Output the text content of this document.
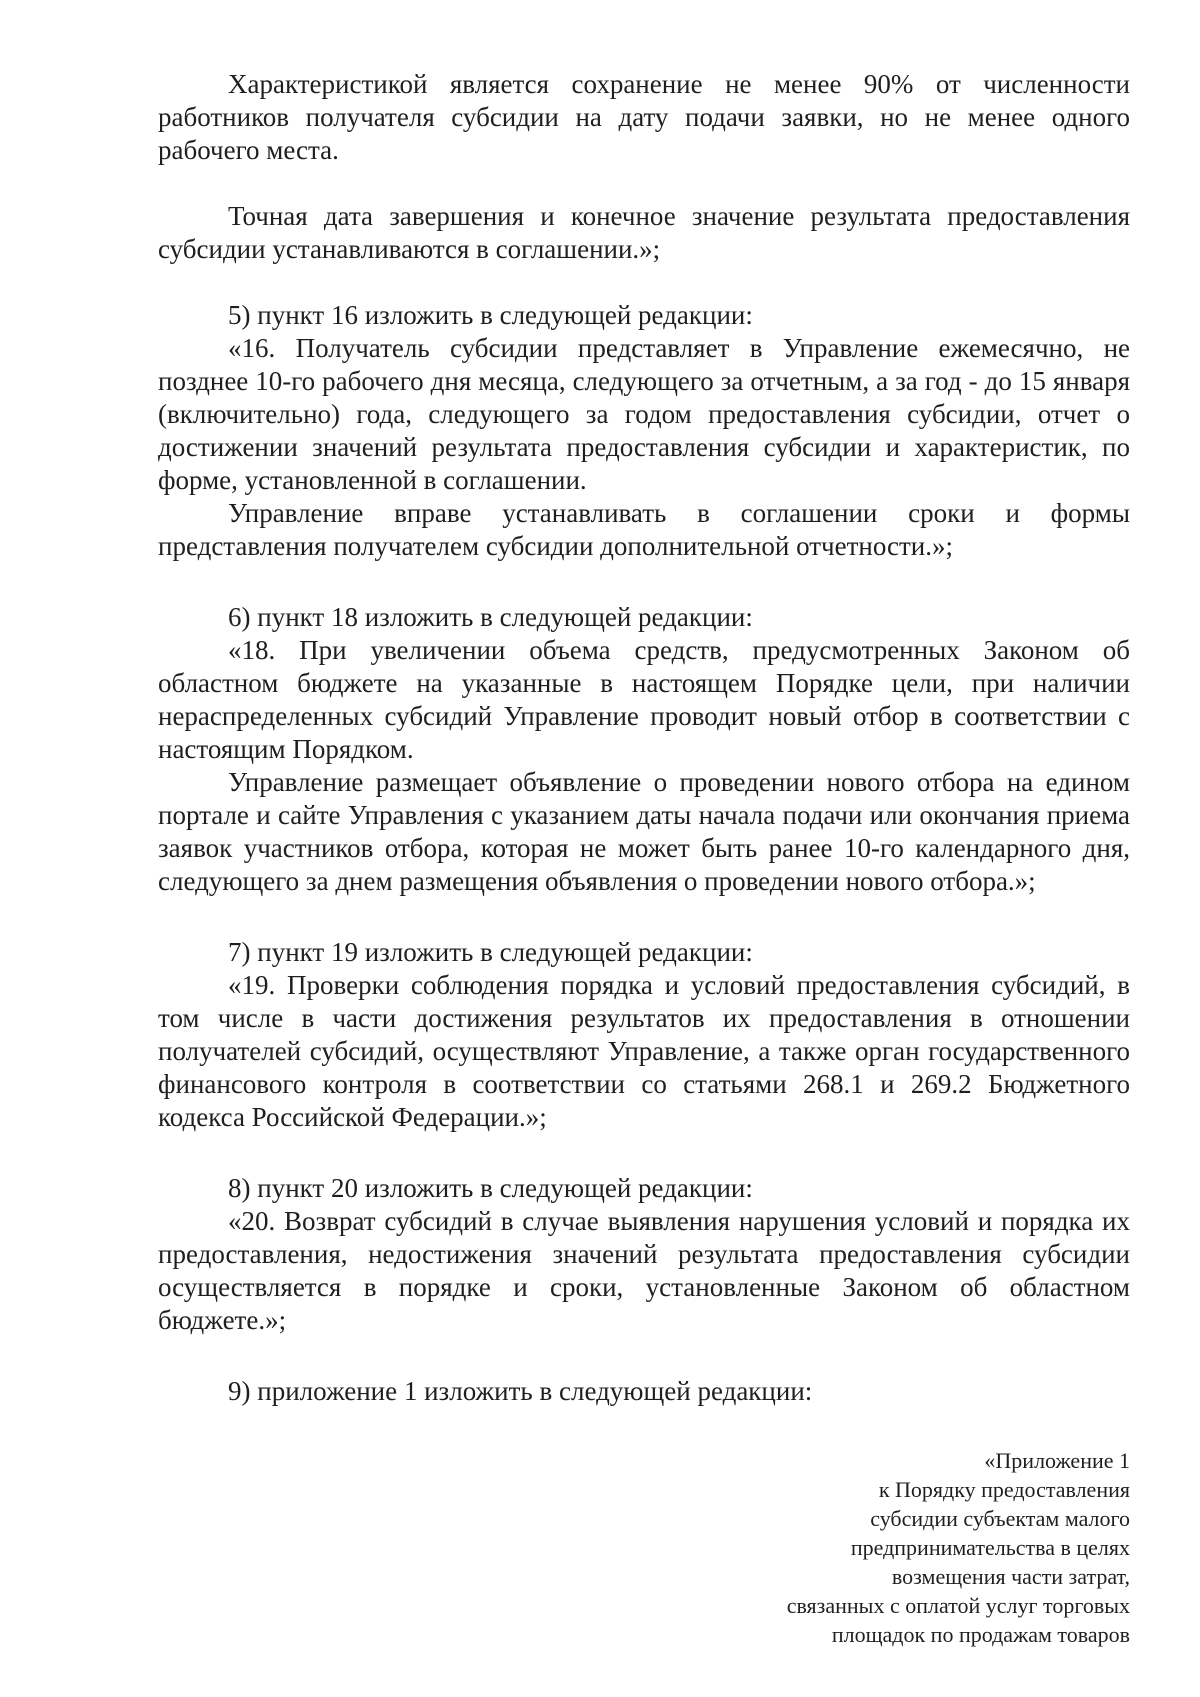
Характеристикой является сохранение не менее 90% от численности работников получателя субсидии на дату подачи заявки, но не менее одного рабочего места.

Точная дата завершения и конечное значение результата предоставления субсидии устанавливаются в соглашении.»;

5) пункт 16 изложить в следующей редакции:

«16. Получатель субсидии представляет в Управление ежемесячно, не позднее 10-го рабочего дня месяца, следующего за отчетным, а за год - до 15 января (включительно) года, следующего за годом предоставления субсидии, отчет о достижении значений результата предоставления субсидии и характеристик, по форме, установленной в соглашении.

Управление вправе устанавливать в соглашении сроки и формы представления получателем субсидии дополнительной отчетности.»;

6) пункт 18 изложить в следующей редакции:

«18. При увеличении объема средств, предусмотренных Законом об областном бюджете на указанные в настоящем Порядке цели, при наличии нераспределенных субсидий Управление проводит новый отбор в соответствии с настоящим Порядком.

Управление размещает объявление о проведении нового отбора на едином портале и сайте Управления с указанием даты начала подачи или окончания приема заявок участников отбора, которая не может быть ранее 10-го календарного дня, следующего за днем размещения объявления о проведении нового отбора.»;

7) пункт 19 изложить в следующей редакции:

«19. Проверки соблюдения порядка и условий предоставления субсидий, в том числе в части достижения результатов их предоставления в отношении получателей субсидий, осуществляют Управление, а также орган государственного финансового контроля в соответствии со статьями 268.1 и 269.2 Бюджетного кодекса Российской Федерации.»;

8) пункт 20 изложить в следующей редакции:

«20. Возврат субсидий в случае выявления нарушения условий и порядка их предоставления, недостижения значений результата предоставления субсидии осуществляется в порядке и сроки, установленные Законом об областном бюджете.»;

9) приложение 1 изложить в следующей редакции:

«Приложение 1
к Порядку предоставления
субсидии субъектам малого
предпринимательства в целях
возмещения части затрат,
связанных с оплатой услуг торговых
площадок по продажам товаров
